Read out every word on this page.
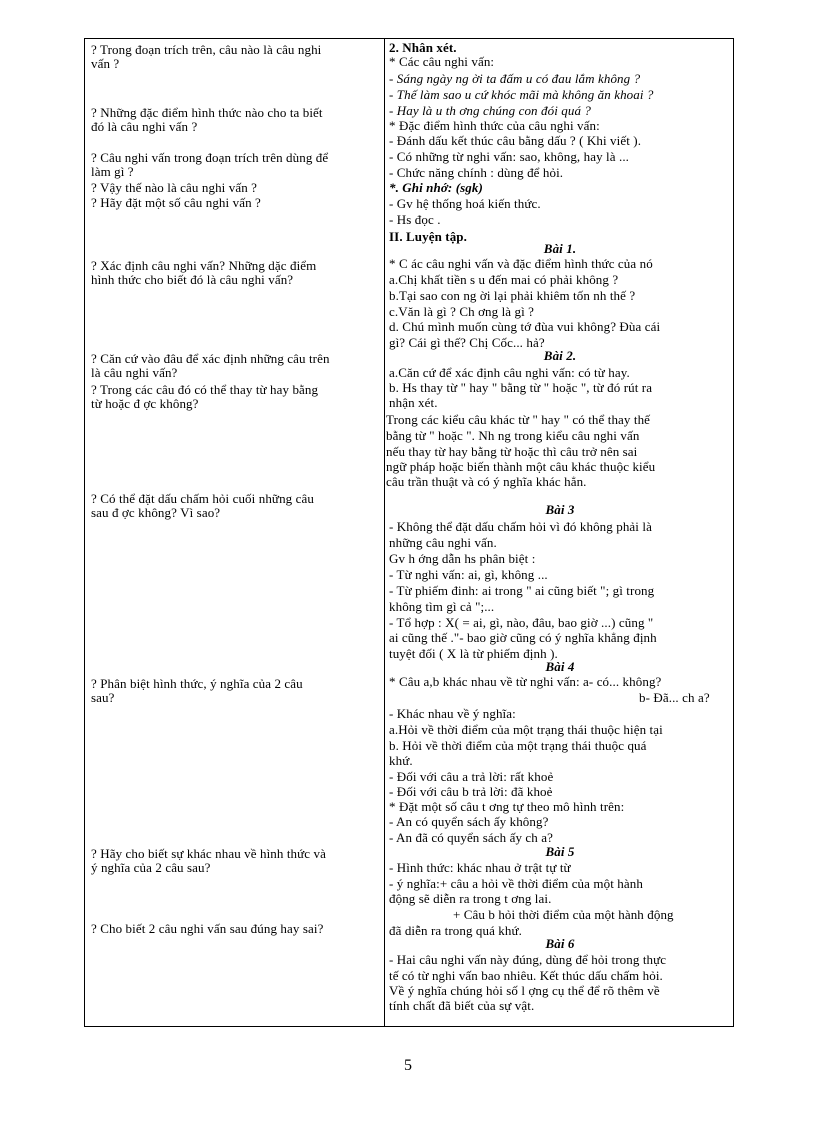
? Trong đoạn trích trên, câu nào là câu nghi
vấn ?
? Những đặc điểm hình thức nào cho ta biết
đó là câu nghi vấn ?
? Câu nghi vấn trong đoạn trích trên dùng để
làm gì ?
? Vậy thế nào là câu nghi vấn ?
? Hãy đặt một số câu nghi vấn ?
? Xác định câu nghi vấn? Những dặc điểm
hình thức cho biết đó là câu nghi vấn?
? Căn cứ vào đâu để xác định những câu trên
là câu nghi vấn?
? Trong các câu đó có thể thay từ hay bằng
từ hoặc đ ợc không?
? Có thể đặt dấu chấm hỏi cuối những câu
sau đ ợc không? Vì sao?
? Phân biệt hình thức, ý nghĩa của 2 câu
sau?
? Hãy cho biết sự khác nhau về hình thức và
ý nghĩa của 2 câu sau?
? Cho biết 2 câu nghi vấn sau đúng hay sai?
2. Nhân xét.
* Các câu nghi vấn:
- Sáng ngày ng ời ta đấm u có đau lắm không ?
- Thế làm sao u cứ khóc mãi mà không ăn khoai ?
- Hay là u th ơng chúng con đói quá ?
* Đặc điểm hình thức của câu nghi vấn:
- Đánh dấu kết thúc câu bằng dấu ? ( Khi viết ).
- Có những từ nghi vấn: sao, không, hay là ...
- Chức năng chính : dùng để hỏi.
*. Ghi nhớ: (sgk)
- Gv hệ thống hoá kiến thức.
- Hs đọc .
II. Luyện tập.
Bài 1.
* C ác câu nghi vấn và đặc điểm hình thức của nó
a.Chị khất tiền s u đến mai có phải không ?
b.Tại sao con ng ời lại phải khiêm tốn nh thế ?
c.Văn là gì ? Ch ơng là gì ?
d. Chú mình muốn cùng tớ đùa vui không? Đùa cái
gì? Cái gì thế? Chị Cốc... hả?
Bài 2.
a.Căn cứ để xác định câu nghi vấn: có từ hay.
b. Hs thay từ " hay " bằng từ " hoặc ", từ đó rút ra
nhận xét.
Trong các kiểu câu khác từ " hay " có thể thay thế
bằng từ " hoặc ". Nh ng trong kiểu câu nghi vấn
nếu thay từ hay bằng từ hoặc thì câu trở nên sai
ngữ pháp hoặc biến thành một câu khác thuộc kiểu
câu trần thuật và có ý nghĩa khác hẳn.
Bài 3
- Không thể đặt dấu chấm hỏi vì đó không phải là
những câu nghi vấn.
Gv h ớng dẫn hs phân biệt :
- Từ nghi vấn: ai, gì, không ...
- Từ phiếm đinh: ai trong " ai cũng biết "; gì trong
không tìm gì cả ";...
- Tổ hợp : X( = ai, gì, nào, đâu, bao giờ ...) cũng "
ai cũng thế ."- bao giờ cũng có ý nghĩa khẳng định
tuyệt đối ( X là từ phiếm định ).
Bài 4
* Câu a,b khác nhau về từ nghi vấn: a- có... không?
b- Đã... ch a?
- Khác nhau về ý nghĩa:
a.Hỏi về thời điểm của một trạng thái thuộc hiện tại
b. Hỏi về thời điểm của một trạng thái thuộc quá
khứ.
- Đối với câu a trả lời: rất khoẻ
- Đối với câu b trả lời: đã khoẻ
* Đặt một số câu t ơng tự theo mô hình trên:
- An có quyển sách ấy không?
- An đã có quyển sách ấy ch a?
Bài 5
- Hình thức: khác nhau ở trật tự từ
- ý nghĩa:+ câu a hỏi về thời điểm của một hành
động sẽ diễn ra trong t ơng lai.
+ Câu b hỏi thời điểm của một hành động
đã diễn ra trong quá khứ.
Bài 6
- Hai câu nghi vấn này đúng, dùng để hỏi trong thực
tế có từ nghi vấn bao nhiêu. Kết thúc dấu chấm hỏi.
Về ý nghĩa chúng hỏi số l ợng cụ thể để rõ thêm về
tính chất đã biết của sự vật.
5
